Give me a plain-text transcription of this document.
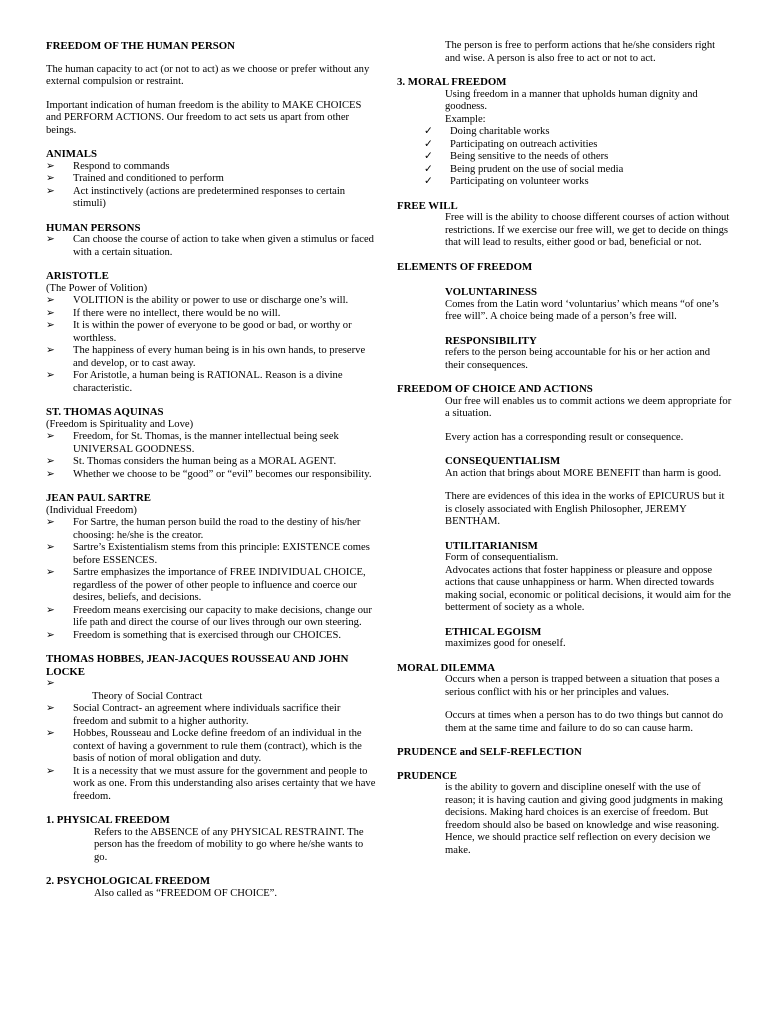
FREEDOM OF THE HUMAN PERSON

The human capacity to act (or not to act) as we choose or prefer without any external compulsion or restraint.

Important indication of human freedom is the ability to MAKE CHOICES and PERFORM ACTIONS. Our freedom to act sets us apart from other beings.

ANIMALS

➢	Respond to commands
➢	Trained and conditioned to perform
➢	Act instinctively (actions are predetermined responses to certain stimuli)

HUMAN PERSONS

➢	Can choose the course of action to take when given a stimulus or faced with a certain situation.

ARISTOTLE

(The Power of Volition)

➢	VOLITION is the ability or power to use or discharge one’s will.
➢	If there were no intellect, there would be no will.
➢	It is within the power of everyone to be good or bad, or worthy or worthless.
➢	The happiness of every human being is in his own hands, to preserve and develop, or to cast away.
➢	For Aristotle, a human being is RATIONAL. Reason is a divine characteristic.

ST. THOMAS AQUINAS

(Freedom is Spirituality and Love)

➢	Freedom, for St. Thomas, is the manner intellectual being seek UNIVERSAL GOODNESS.
➢	St. Thomas considers the human being as a MORAL AGENT.
➢	Whether we choose to be “good” or “evil” becomes our responsibility.

JEAN PAUL SARTRE

(Individual Freedom)

➢	For Sartre, the human person build the road to the destiny of his/her choosing: he/she is the creator.
➢	Sartre’s Existentialism stems from this principle: EXISTENCE comes before ESSENCES.
➢	Sartre emphasizes the importance of FREE INDIVIDUAL CHOICE, regardless of the power of other people to influence and coerce our desires, beliefs, and decisions.
➢	Freedom means exercising our capacity to make decisions, change our life path and direct the course of our lives through our own steering.
➢	Freedom is something that is exercised through our CHOICES.

THOMAS HOBBES, JEAN-JACQUES ROUSSEAU AND JOHN LOCKE

➢

Theory of Social Contract
➢	Social Contract- an agreement where individuals sacrifice their freedom and submit to a higher authority.
➢	Hobbes, Rousseau and Locke define freedom of an individual in the context of having a government to rule them (contract), which is the basis of notion of moral obligation and duty.
➢	It is a necessity that we must assure for the government and people to work as one. From this understanding also arises certainty that we have freedom.

1. PHYSICAL FREEDOM

Refers to the ABSENCE of any PHYSICAL RESTRAINT. The person has the freedom of mobility to go where he/she wants to go.

2. PSYCHOLOGICAL FREEDOM

Also called as “FREEDOM OF CHOICE”.

The person is free to perform actions that he/she considers right and wise. A person is also free to act or not to act.

3. MORAL FREEDOM

Using freedom in a manner that upholds human dignity and goodness.

Example:

✓	Doing charitable works
✓	Participating on outreach activities
✓	Being sensitive to the needs of others
✓	Being prudent on the use of social media
✓	Participating on volunteer works

FREE WILL

Free will is the ability to choose different courses of action without restrictions. If we exercise our free will, we get to decide on things that will lead to results, either good or bad, beneficial or not.

ELEMENTS OF FREEDOM

VOLUNTARINESS

Comes from the Latin word ‘voluntarius’ which means “of one’s free will”. A choice being made of a person’s free will.

RESPONSIBILITY

refers to the person being accountable for his or her action and their consequences.

FREEDOM OF CHOICE AND ACTIONS

Our free will enables us to commit actions we deem appropriate for a situation.

Every action has a corresponding result or consequence.

CONSEQUENTIALISM

An action that brings about MORE BENEFIT than harm is good.

There are evidences of this idea in the works of EPICURUS but it is closely associated with English Philosopher, JEREMY BENTHAM.

UTILITARIANISM

Form of consequentialism.

Advocates actions that foster happiness or pleasure and oppose actions that cause unhappiness or harm. When directed towards making social, economic or political decisions, it would aim for the betterment of society as a whole.

ETHICAL EGOISM

maximizes good for oneself.

MORAL DILEMMA

Occurs when a person is trapped between a situation that poses a serious conflict with his or her principles and values.

Occurs at times when a person has to do two things but cannot do them at the same time and failure to do so can cause harm.

PRUDENCE and SELF-REFLECTION

PRUDENCE

is the ability to govern and discipline oneself with the use of reason; it is having caution and giving good judgments in making decisions. Making hard choices is an exercise of freedom. But freedom should also be based on knowledge and wise reasoning. Hence, we should practice self reflection on every decision we make.
